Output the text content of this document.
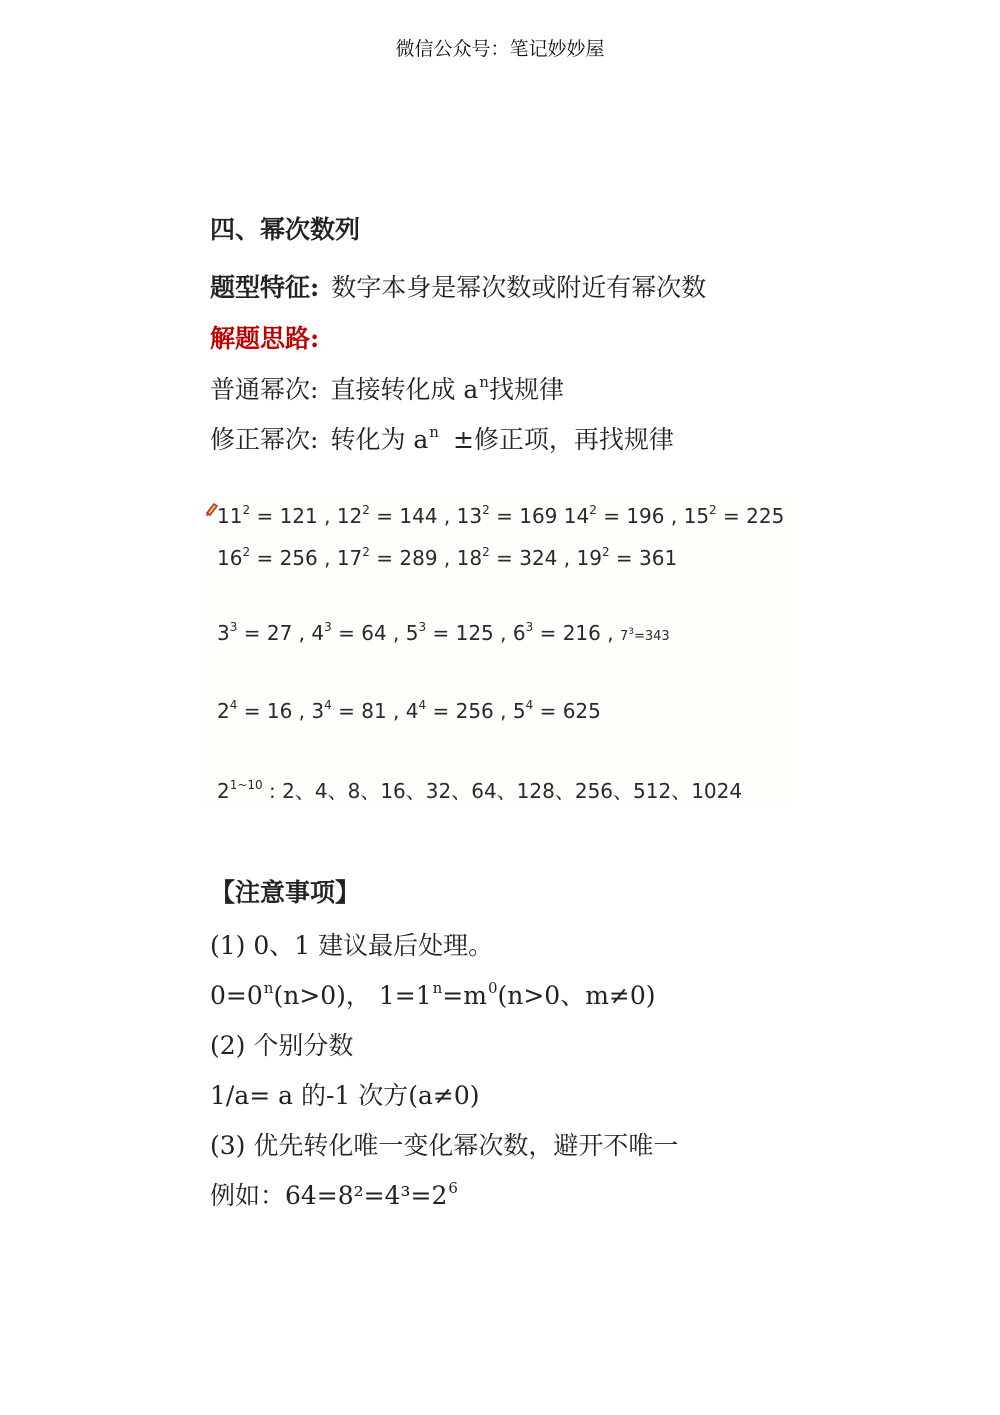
微信公众号：笔记妙妙屋
四、幂次数列
题型特征: 数字本身是幂次数或附近有幂次数
解题思路:
普通幂次: 直接转化成 $a^n$找规律
修正幂次: 转化为 $a^n$ ±修正项，再找规律
$11^2 = 121$ , $12^2 = 144$ , $13^2 = 169$ $14^2 = 196$ , $15^2 = 225$
$16^2 = 256$ , $17^2 = 289$ , $18^2 = 324$ , $19^2 = 361$
$3^3 = 27$ , $4^3 = 64$ , $5^3 = 125$ , $6^3 = 216$ , $7^3=343$
$2^4 = 16$ , $3^4 = 81$ , $4^4 = 256$ , $5^4 = 625$
$2^{1\sim 10}$ : 2、4、8、16、32、64、128、256、512、1024
【注意事项】
(1) 0、1 建议最后处理。
$0=0^n(n>0)$， $1=1^n=m^0(n>0$、m≠0)
(2) 个别分数
1/a= a 的-1 次方(a≠0)
(3) 优先转化唯一变化幂次数，避开不唯一
例如：$64=8^2=4^3=2^6$
